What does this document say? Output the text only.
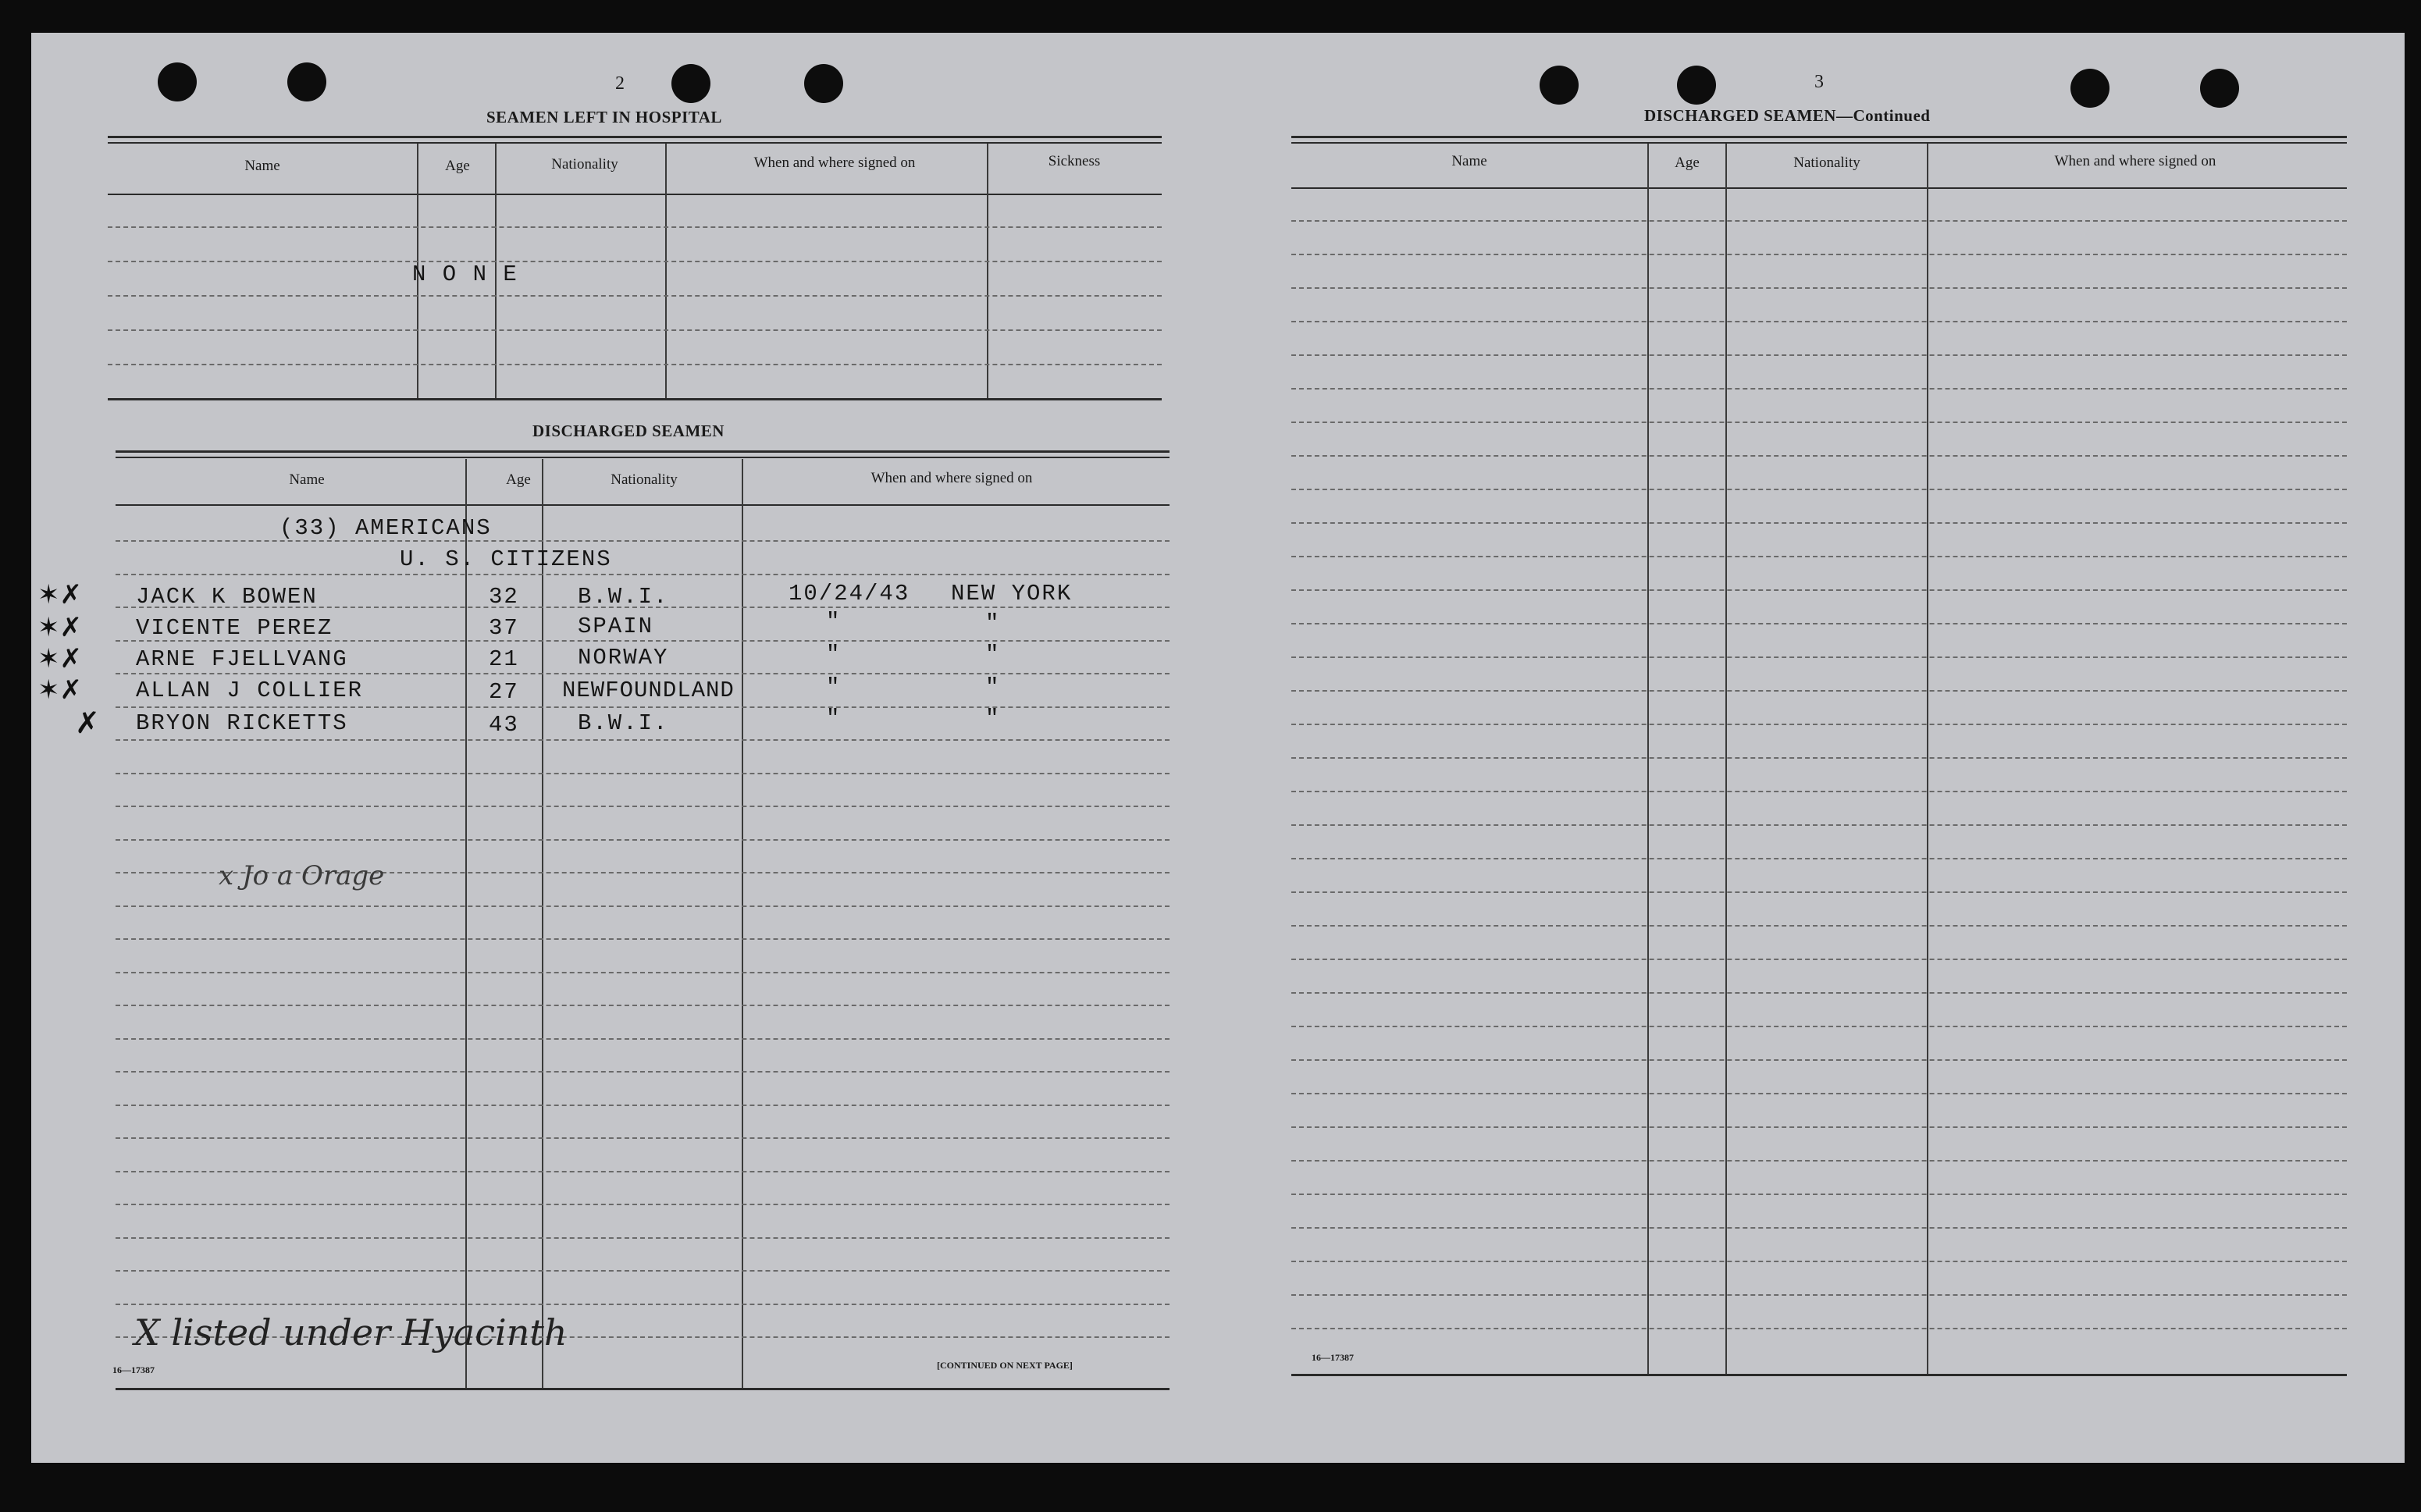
2
SEAMEN LEFT IN HOSPITAL
Name	Age	Nationality	When and where signed on	Sickness
N O N E
DISCHARGED SEAMEN
Name	Age	Nationality	When and where signed on
(33) AMERICANS
U. S. CITIZENS
✶✗ JACK K BOWEN	32	B.W.I.	10/24/43 NEW YORK
✶✗ VICENTE PEREZ	37	SPAIN	"	"
✶✗ ARNE FJELLVANG	21	NORWAY	"	"
✶✗ ALLAN J COLLIER	27 NEWFOUNDLAND	"	"
✗ BRYON RICKETTS	43	B.W.I.	"	"
x Jo a Orage
X listed under Hyacinth
16—17387	[CONTINUED ON NEXT PAGE]
3
DISCHARGED SEAMEN—Continued
Name	Age	Nationality	When and where signed on
16—17387
